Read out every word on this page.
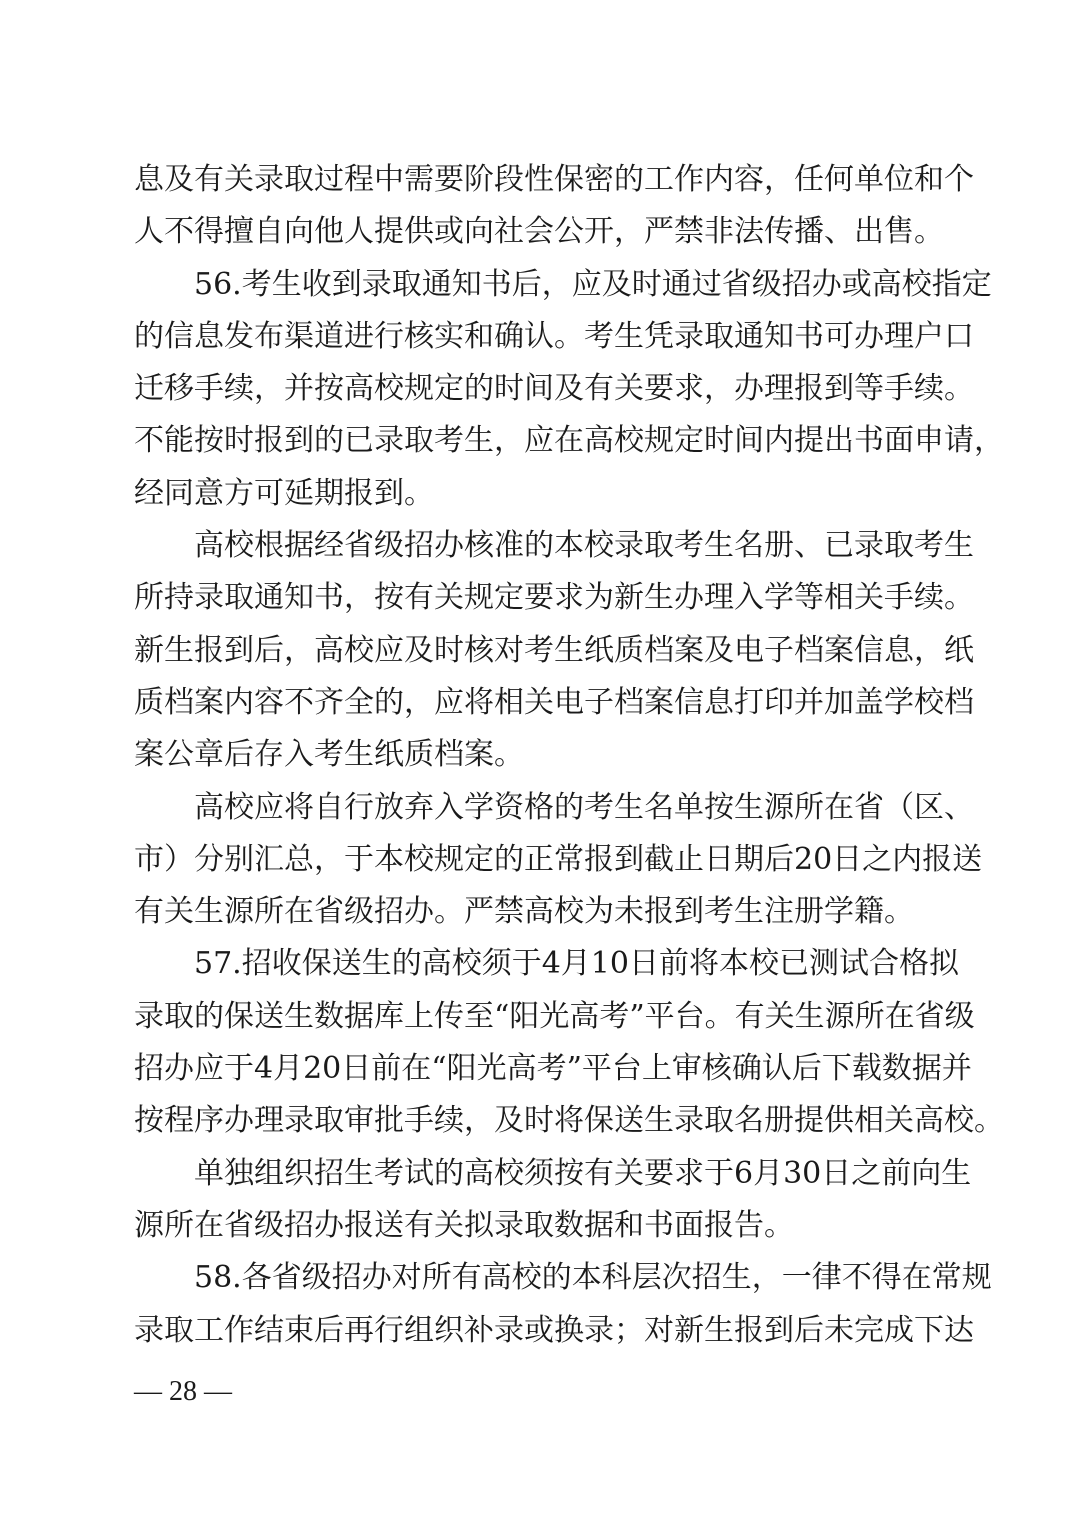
息及有关录取过程中需要阶段性保密的工作内容，任何单位和个
人不得擅自向他人提供或向社会公开，严禁非法传播、出售。
56.考生收到录取通知书后，应及时通过省级招办或高校指定
的信息发布渠道进行核实和确认。考生凭录取通知书可办理户口
迁移手续，并按高校规定的时间及有关要求，办理报到等手续。
不能按时报到的已录取考生，应在高校规定时间内提出书面申请，
经同意方可延期报到。
高校根据经省级招办核准的本校录取考生名册、已录取考生
所持录取通知书，按有关规定要求为新生办理入学等相关手续。
新生报到后，高校应及时核对考生纸质档案及电子档案信息，纸
质档案内容不齐全的，应将相关电子档案信息打印并加盖学校档
案公章后存入考生纸质档案。
高校应将自行放弃入学资格的考生名单按生源所在省（区、
市）分别汇总，于本校规定的正常报到截止日期后20日之内报送
有关生源所在省级招办。严禁高校为未报到考生注册学籍。
57.招收保送生的高校须于4月10日前将本校已测试合格拟
录取的保送生数据库上传至“阳光高考”平台。有关生源所在省级
招办应于4月20日前在“阳光高考”平台上审核确认后下载数据并
按程序办理录取审批手续，及时将保送生录取名册提供相关高校。
单独组织招生考试的高校须按有关要求于6月30日之前向生
源所在省级招办报送有关拟录取数据和书面报告。
58.各省级招办对所有高校的本科层次招生，一律不得在常规
录取工作结束后再行组织补录或换录；对新生报到后未完成下达
— 28 —
